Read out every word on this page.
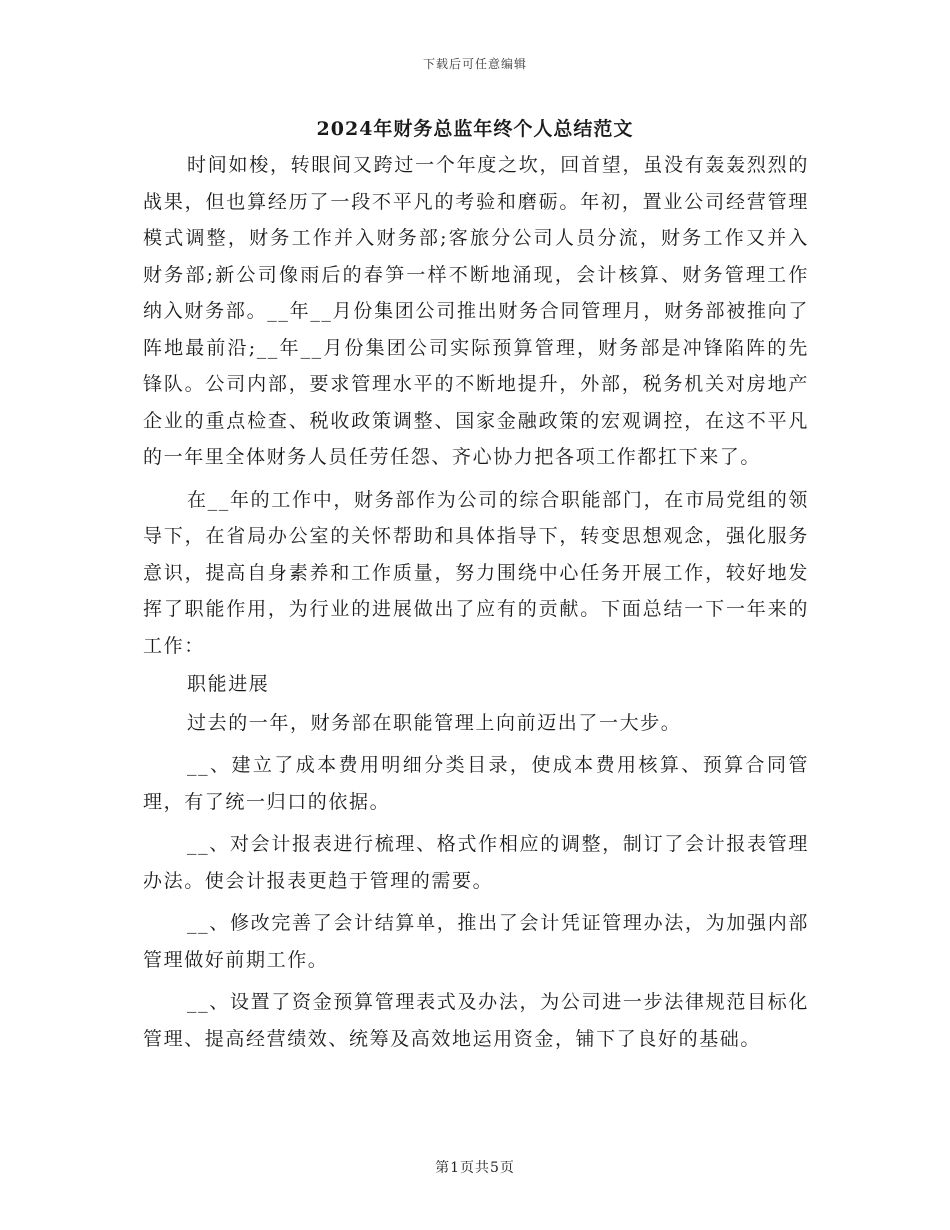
下载后可任意编辑
2024年财务总监年终个人总结范文

时间如梭，转眼间又跨过一个年度之坎，回首望，虽没有轰轰烈烈的战果，但也算经历了一段不平凡的考验和磨砺。年初，置业公司经营管理模式调整，财务工作并入财务部;客旅分公司人员分流，财务工作又并入财务部;新公司像雨后的春笋一样不断地涌现，会计核算、财务管理工作纳入财务部。__年__月份集团公司推出财务合同管理月，财务部被推向了阵地最前沿;__年__月份集团公司实际预算管理，财务部是冲锋陷阵的先锋队。公司内部，要求管理水平的不断地提升，外部，税务机关对房地产企业的重点检查、税收政策调整、国家金融政策的宏观调控，在这不平凡的一年里全体财务人员任劳任怨、齐心协力把各项工作都扛下来了。

在__年的工作中，财务部作为公司的综合职能部门，在市局党组的领导下，在省局办公室的关怀帮助和具体指导下，转变思想观念，强化服务意识，提高自身素养和工作质量，努力围绕中心任务开展工作，较好地发挥了职能作用，为行业的进展做出了应有的贡献。下面总结一下一年来的工作：

职能进展

过去的一年，财务部在职能管理上向前迈出了一大步。

__、建立了成本费用明细分类目录，使成本费用核算、预算合同管理，有了统一归口的依据。

__、对会计报表进行梳理、格式作相应的调整，制订了会计报表管理办法。使会计报表更趋于管理的需要。

__、修改完善了会计结算单，推出了会计凭证管理办法，为加强内部管理做好前期工作。

__、设置了资金预算管理表式及办法，为公司进一步法律规范目标化管理、提高经营绩效、统筹及高效地运用资金，铺下了良好的基础。

第1页共5页
